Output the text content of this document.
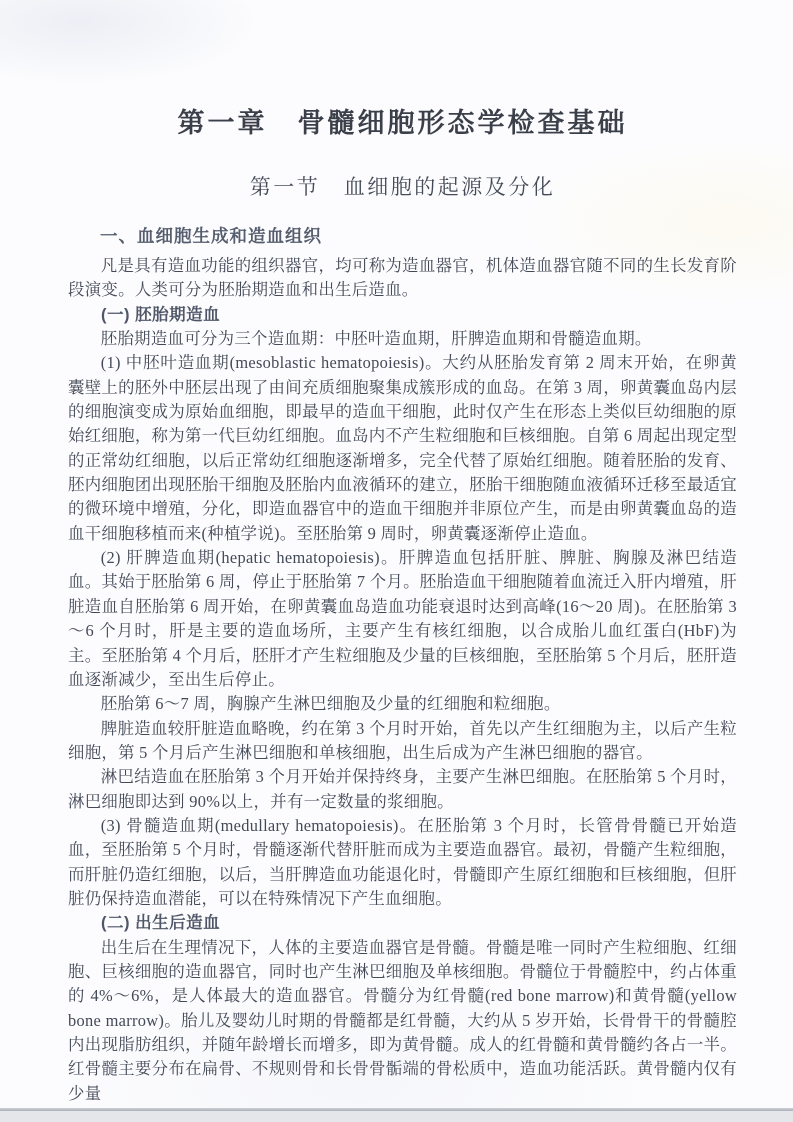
第一章　骨髓细胞形态学检查基础
第一节　血细胞的起源及分化
一、血细胞生成和造血组织

凡是具有造血功能的组织器官，均可称为造血器官，机体造血器官随不同的生长发育阶段演变。人类可分为胚胎期造血和出生后造血。

(一) 胚胎期造血

胚胎期造血可分为三个造血期：中胚叶造血期，肝脾造血期和骨髓造血期。

(1) 中胚叶造血期(mesoblastic hematopoiesis)。大约从胚胎发育第 2 周末开始，在卵黄囊壁上的胚外中胚层出现了由间充质细胞聚集成簇形成的血岛。在第 3 周，卵黄囊血岛内层的细胞演变成为原始血细胞，即最早的造血干细胞，此时仅产生在形态上类似巨幼细胞的原始红细胞，称为第一代巨幼红细胞。血岛内不产生粒细胞和巨核细胞。自第 6 周起出现定型的正常幼红细胞，以后正常幼红细胞逐渐增多，完全代替了原始红细胞。随着胚胎的发育、胚内细胞团出现胚胎干细胞及胚胎内血液循环的建立，胚胎干细胞随血液循环迁移至最适宜的微环境中增殖，分化，即造血器官中的造血干细胞并非原位产生，而是由卵黄囊血岛的造血干细胞移植而来(种植学说)。至胚胎第 9 周时，卵黄囊逐渐停止造血。

(2) 肝脾造血期(hepatic hematopoiesis)。肝脾造血包括肝脏、脾脏、胸腺及淋巴结造血。其始于胚胎第 6 周，停止于胚胎第 7 个月。胚胎造血干细胞随着血流迁入肝内增殖，肝脏造血自胚胎第 6 周开始，在卵黄囊血岛造血功能衰退时达到高峰(16～20 周)。在胚胎第 3～6 个月时，肝是主要的造血场所，主要产生有核红细胞，以合成胎儿血红蛋白(HbF)为主。至胚胎第 4 个月后，胚肝才产生粒细胞及少量的巨核细胞，至胚胎第 5 个月后，胚肝造血逐渐减少，至出生后停止。

胚胎第 6～7 周，胸腺产生淋巴细胞及少量的红细胞和粒细胞。

脾脏造血较肝脏造血略晚，约在第 3 个月时开始，首先以产生红细胞为主，以后产生粒细胞，第 5 个月后产生淋巴细胞和单核细胞，出生后成为产生淋巴细胞的器官。

淋巴结造血在胚胎第 3 个月开始并保持终身，主要产生淋巴细胞。在胚胎第 5 个月时，淋巴细胞即达到 90%以上，并有一定数量的浆细胞。

(3) 骨髓造血期(medullary hematopoiesis)。在胚胎第 3 个月时，长管骨骨髓已开始造血，至胚胎第 5 个月时，骨髓逐渐代替肝脏而成为主要造血器官。最初，骨髓产生粒细胞，而肝脏仍造红细胞，以后，当肝脾造血功能退化时，骨髓即产生原红细胞和巨核细胞，但肝脏仍保持造血潜能，可以在特殊情况下产生血细胞。

(二) 出生后造血

出生后在生理情况下，人体的主要造血器官是骨髓。骨髓是唯一同时产生粒细胞、红细胞、巨核细胞的造血器官，同时也产生淋巴细胞及单核细胞。骨髓位于骨髓腔中，约占体重的 4%～6%，是人体最大的造血器官。骨髓分为红骨髓(red bone marrow)和黄骨髓(yellow bone marrow)。胎儿及婴幼儿时期的骨髓都是红骨髓，大约从 5 岁开始，长骨骨干的骨髓腔内出现脂肪组织，并随年龄增长而增多，即为黄骨髓。成人的红骨髓和黄骨髓约各占一半。红骨髓主要分布在扁骨、不规则骨和长骨骨骺端的骨松质中，造血功能活跃。黄骨髓内仅有少量
